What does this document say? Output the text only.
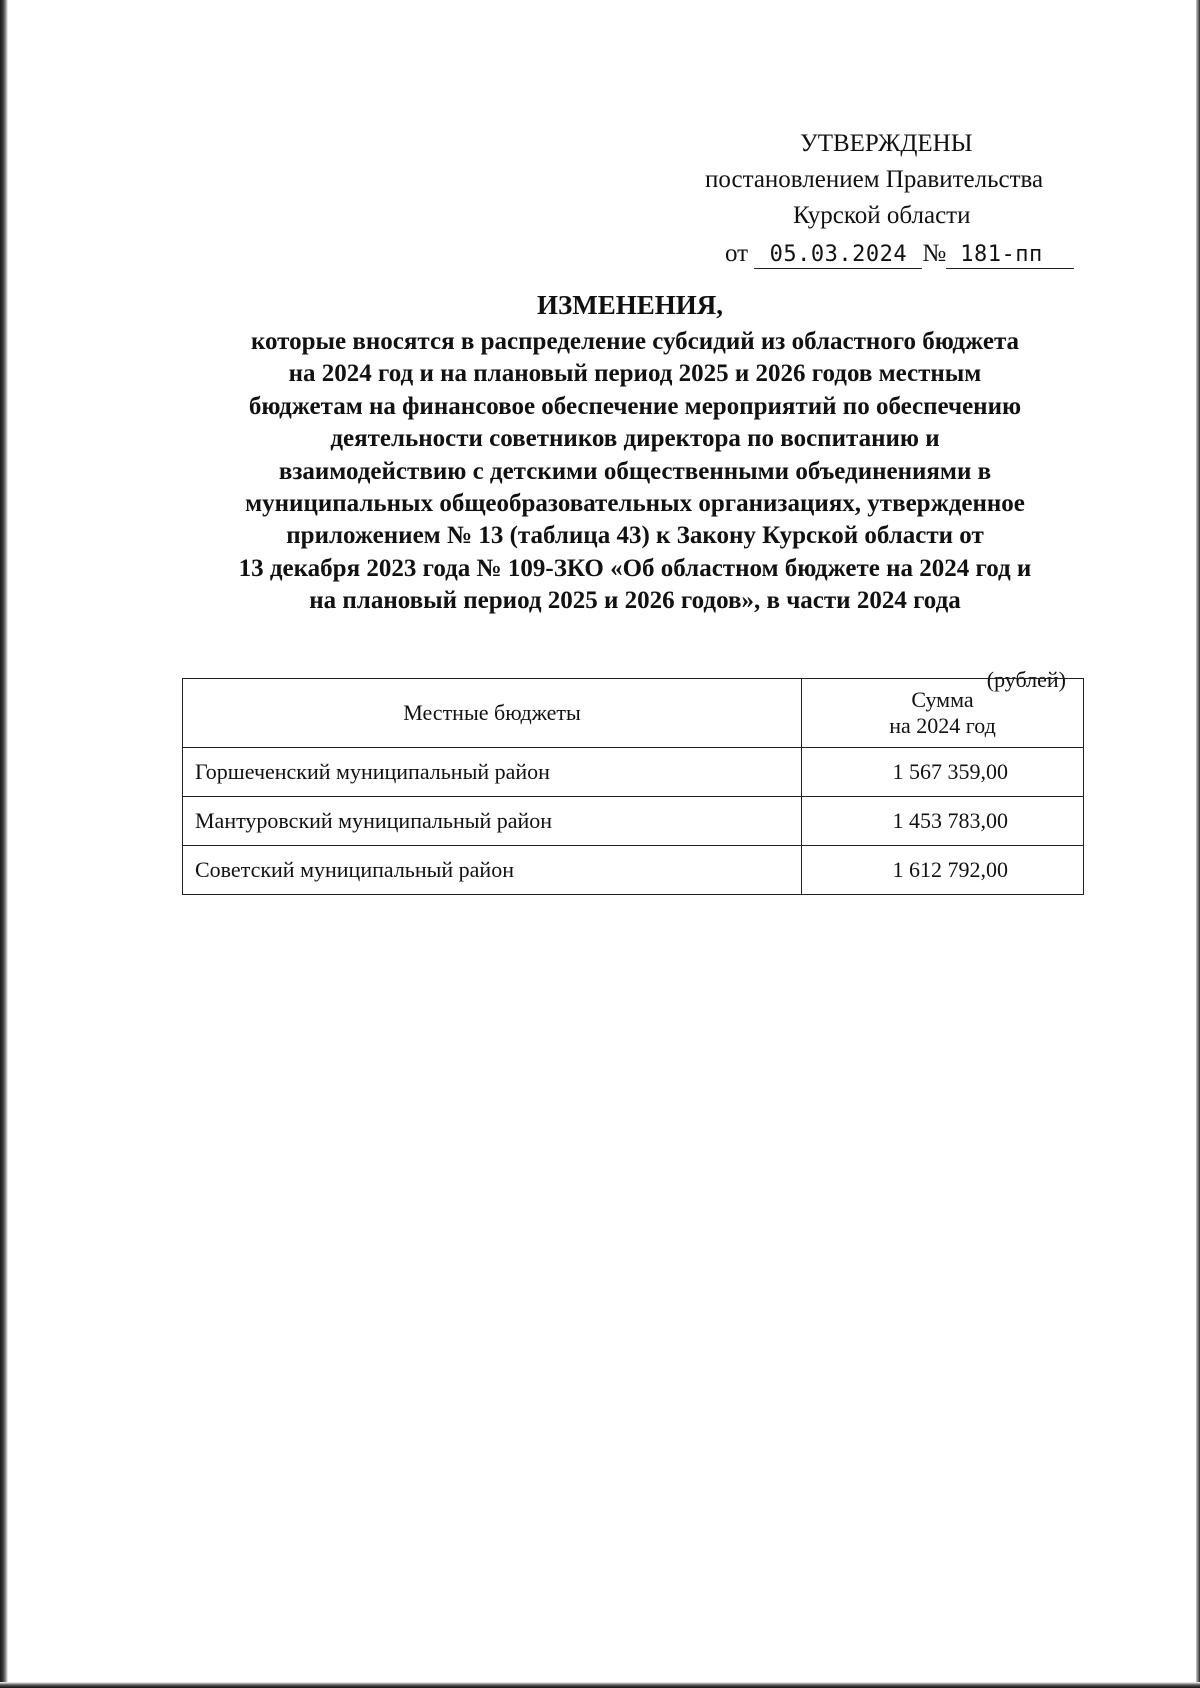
УТВЕРЖДЕНЫ
постановлением Правительства
Курской области
от 05.03.2024 № 181-пп
ИЗМЕНЕНИЯ,
которые вносятся в распределение субсидий из областного бюджета
на 2024 год и на плановый период 2025 и 2026 годов местным
бюджетам на финансовое обеспечение мероприятий по обеспечению
деятельности советников директора по воспитанию и
взаимодействию с детскими общественными объединениями в
муниципальных общеобразовательных организациях, утвержденное
приложением № 13 (таблица 43) к Закону Курской области от
13 декабря 2023 года № 109-ЗКО «Об областном бюджете на 2024 год и
на плановый период 2025 и 2026 годов», в части 2024 года
(рублей)
Местные бюджеты	Сумма
на 2024 год

Горшеченский муниципальный район	1 567 359,00
Мантуровский муниципальный район	1 453 783,00
Советский муниципальный район	1 612 792,00
